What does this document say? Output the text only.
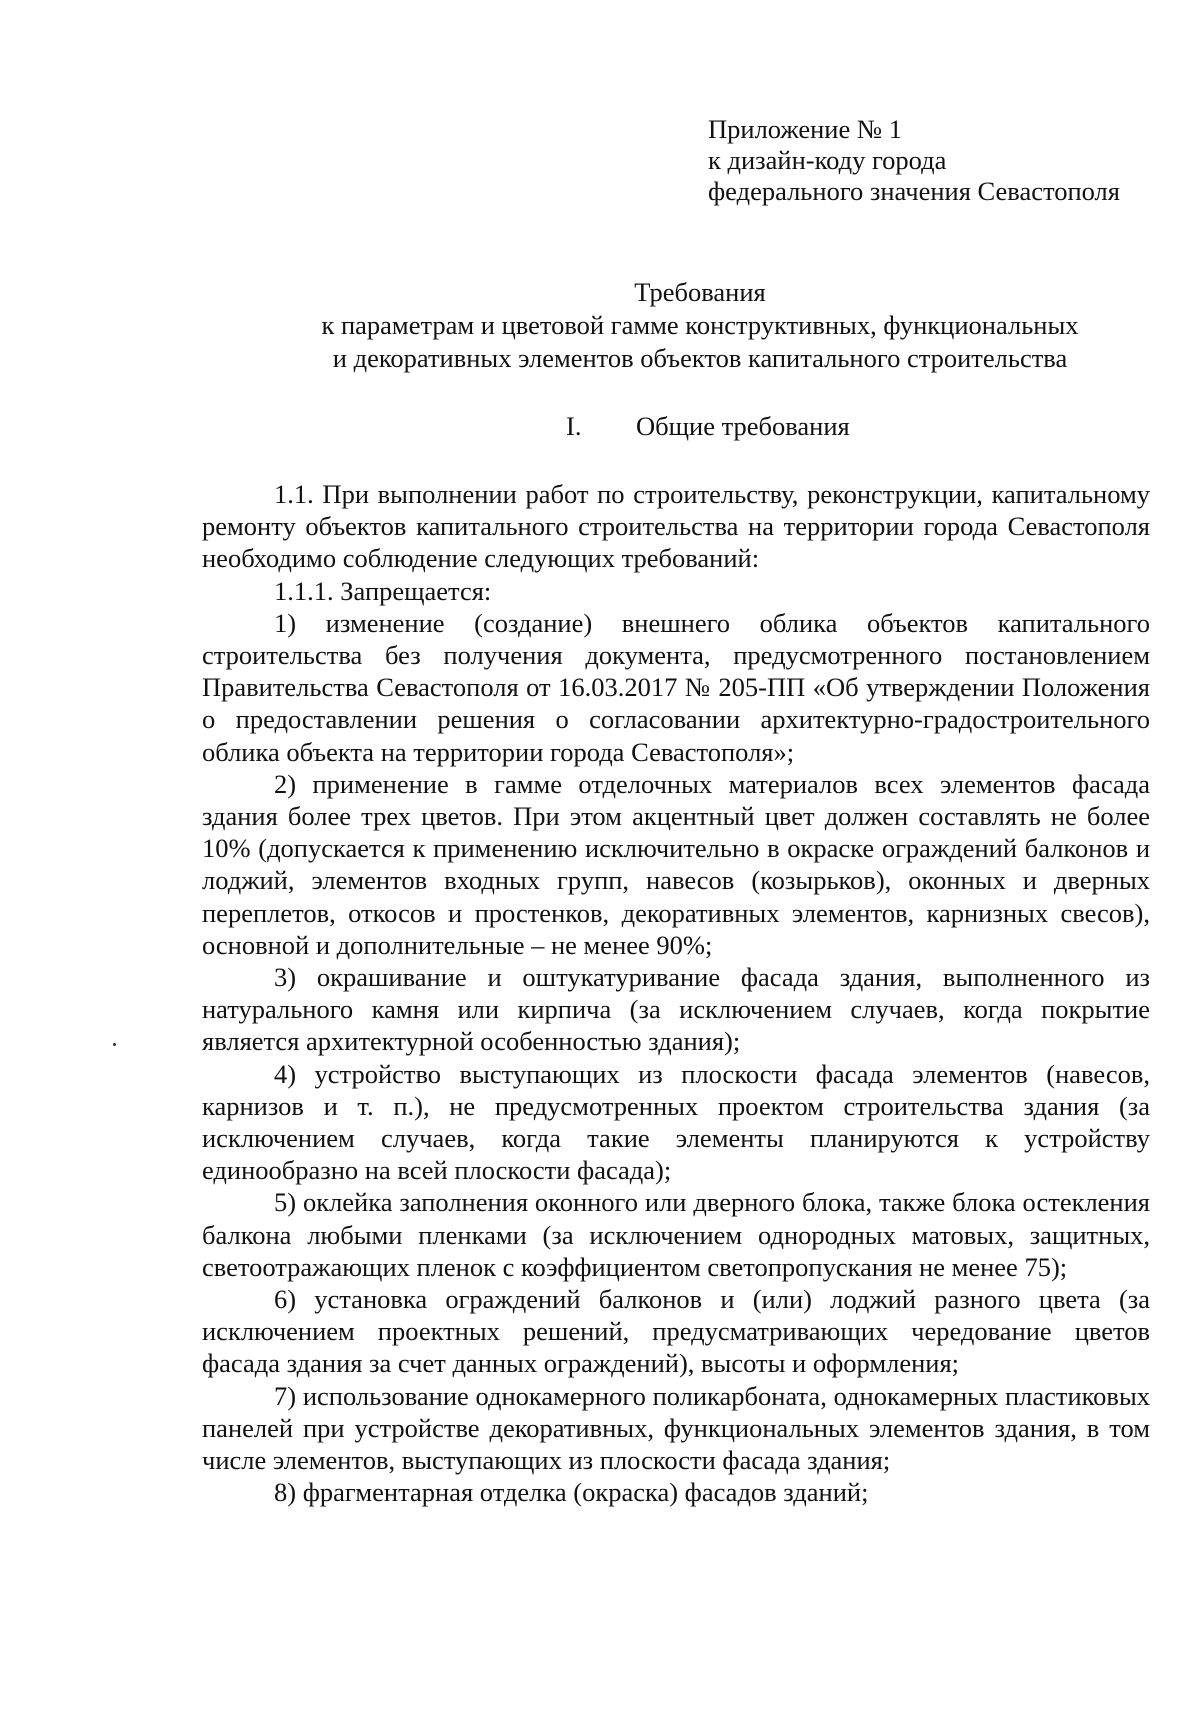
Приложение № 1
к дизайн-коду города
федерального значения Севастополя
Требования
к параметрам и цветовой гамме конструктивных, функциональных
и декоративных элементов объектов капитального строительства
I. Общие требования

1.1. При выполнении работ по строительству, реконструкции, капитальному ремонту объектов капитального строительства на территории города Севастополя необходимо соблюдение следующих требований:

1.1.1. Запрещается:

1) изменение (создание) внешнего облика объектов капитального строительства без получения документа, предусмотренного постановлением Правительства Севастополя от 16.03.2017 № 205-ПП «Об утверждении Положения о предоставлении решения о согласовании архитектурно-градостроительного облика объекта на территории города Севастополя»;

2) применение в гамме отделочных материалов всех элементов фасада здания более трех цветов. При этом акцентный цвет должен составлять не более 10% (допускается к применению исключительно в окраске ограждений балконов и лоджий, элементов входных групп, навесов (козырьков), оконных и дверных переплетов, откосов и простенков, декоративных элементов, карнизных свесов), основной и дополнительные – не менее 90%;

3) окрашивание и оштукатуривание фасада здания, выполненного из натурального камня или кирпича (за исключением случаев, когда покрытие является архитектурной особенностью здания);

4) устройство выступающих из плоскости фасада элементов (навесов, карнизов и т. п.), не предусмотренных проектом строительства здания (за исключением случаев, когда такие элементы планируются к устройству единообразно на всей плоскости фасада);

5) оклейка заполнения оконного или дверного блока, также блока остекления балкона любыми пленками (за исключением однородных матовых, защитных, светоотражающих пленок с коэффициентом светопропускания не менее 75);

6) установка ограждений балконов и (или) лоджий разного цвета (за исключением проектных решений, предусматривающих чередование цветов фасада здания за счет данных ограждений), высоты и оформления;

7) использование однокамерного поликарбоната, однокамерных пластиковых панелей при устройстве декоративных, функциональных элементов здания, в том числе элементов, выступающих из плоскости фасада здания;

8) фрагментарная отделка (окраска) фасадов зданий;
